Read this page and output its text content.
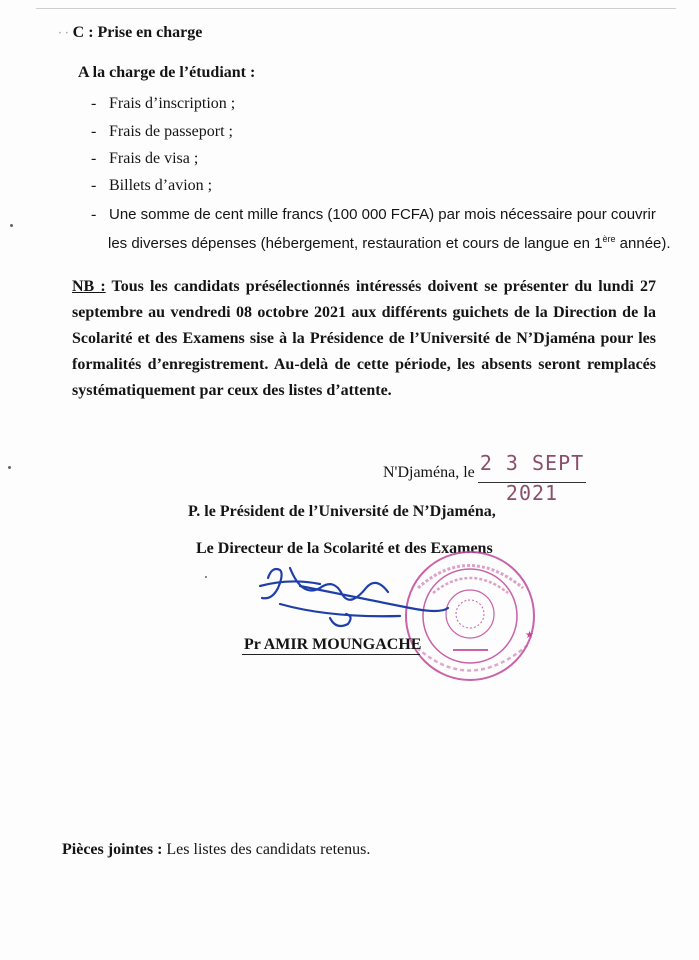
‧ ‧ C : Prise en charge
A la charge de l’étudiant :
- Frais d’inscription ;
- Frais de passeport ;
- Frais de visa ;
- Billets d’avion ;
- Une somme de cent mille francs (100 000 FCFA) par mois nécessaire pour couvrir
les diverses dépenses (hébergement, restauration et cours de langue en 1ère année).
NB : Tous les candidats présélectionnés intéressés doivent se présenter du lundi 27 septembre au vendredi 08 octobre 2021 aux différents guichets de la Direction de la Scolarité et des Examens sise à la Présidence de l’Université de N’Djaména pour les formalités d’enregistrement. Au-delà de cette période, les absents seront remplacés systématiquement par ceux des listes d’attente.
N'Djaména, le 2 3 SEPT 2021
P. le Président de l’Université de N’Djaména,
Le Directeur de la Scolarité et des Examens
★
Pr AMIR MOUNGACHE
Pièces jointes : Les listes des candidats retenus.
